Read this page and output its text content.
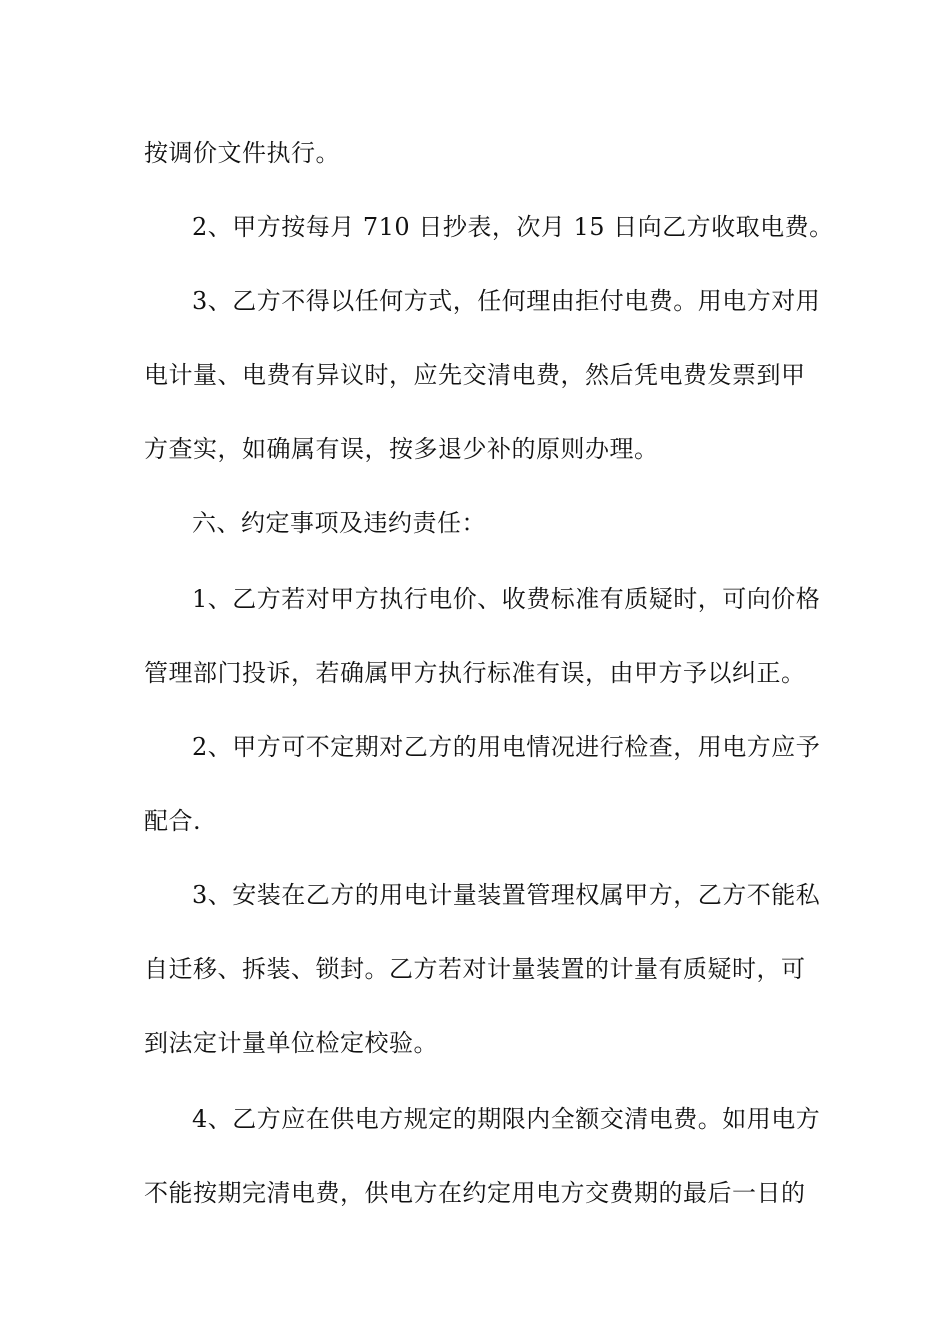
按调价文件执行。
2、甲方按每月 710 日抄表，次月 15 日向乙方收取电费。
3、乙方不得以任何方式，任何理由拒付电费。用电方对用
电计量、电费有异议时，应先交清电费，然后凭电费发票到甲
方查实，如确属有误，按多退少补的原则办理。
六、约定事项及违约责任：
1、乙方若对甲方执行电价、收费标准有质疑时，可向价格
管理部门投诉，若确属甲方执行标准有误，由甲方予以纠正。
2、甲方可不定期对乙方的用电情况进行检查，用电方应予
配合.
3、安装在乙方的用电计量装置管理权属甲方，乙方不能私
自迁移、拆装、锁封。乙方若对计量装置的计量有质疑时，可
到法定计量单位检定校验。
4、乙方应在供电方规定的期限内全额交清电费。如用电方
不能按期完清电费，供电方在约定用电方交费期的最后一日的
